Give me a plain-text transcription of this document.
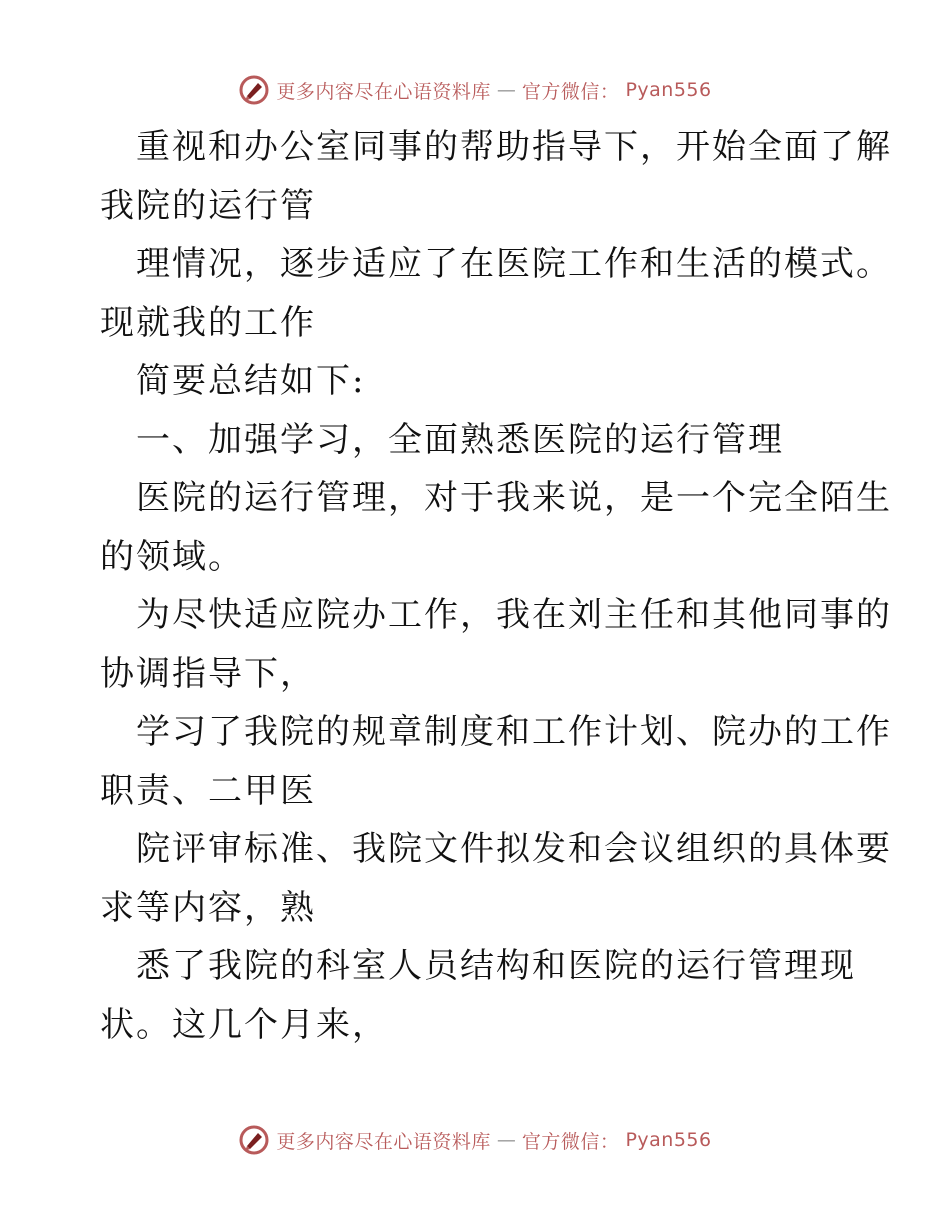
更多内容尽在心语资料库 — 官方微信： Pyan556
重视和办公室同事的帮助指导下，开始全面了解
我院的运行管
理情况，逐步适应了在医院工作和生活的模式。
现就我的工作
简要总结如下:
一、加强学习，全面熟悉医院的运行管理
医院的运行管理，对于我来说，是一个完全陌生
的领域。
为尽快适应院办工作，我在刘主任和其他同事的
协调指导下，
学习了我院的规章制度和工作计划、院办的工作
职责、二甲医
院评审标准、我院文件拟发和会议组织的具体要
求等内容，熟
悉了我院的科室人员结构和医院的运行管理现
状。这几个月来，
更多内容尽在心语资料库 — 官方微信： Pyan556
